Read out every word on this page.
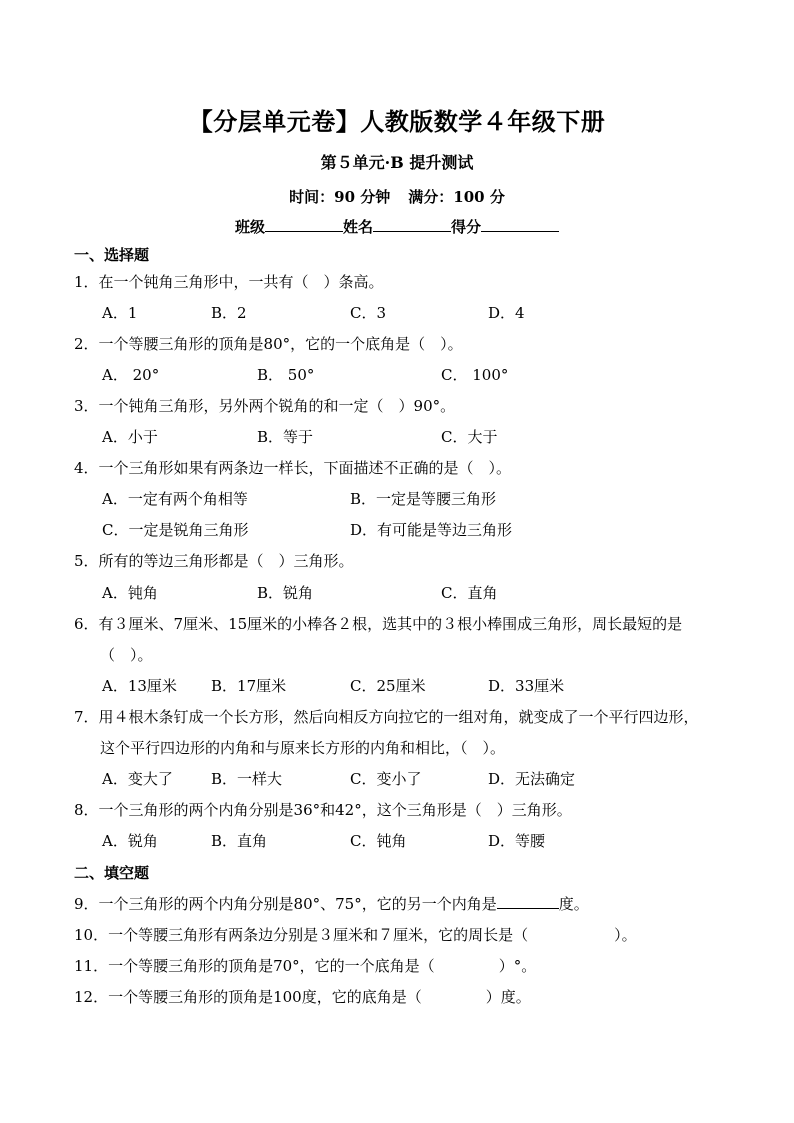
【分层单元卷】人教版数学４年级下册
第５单元·B 提升测试
时间：90 分钟 满分：100 分
班级	姓名	得分
一、选择题
1．在一个钝角三角形中，一共有（　）条高。
A．1	B．2	C．3	D．4
2．一个等腰三角形的顶角是80°，它的一个底角是（　）。
A． 20°	B． 50°	C． 100°
3．一个钝角三角形，另外两个锐角的和一定（　）90°。
A．小于	B．等于	C．大于
4．一个三角形如果有两条边一样长，下面描述不正确的是（　）。
A．一定有两个角相等	B．一定是等腰三角形
C．一定是锐角三角形	D．有可能是等边三角形
5．所有的等边三角形都是（　）三角形。
A．钝角	B．锐角	C．直角
6．有３厘米、7厘米、15厘米的小棒各２根，选其中的３根小棒围成三角形，周长最短的是
（　）。
A．13厘米 B．17厘米	C．25厘米	D．33厘米
7．用４根木条钉成一个长方形，然后向相反方向拉它的一组对角，就变成了一个平行四边形，
这个平行四边形的内角和与原来长方形的内角和相比，（　）。
A．变大了	B．一样大	C．变小了	D．无法确定
8．一个三角形的两个内角分别是36°和42°，这个三角形是（　）三角形。
A．锐角	B．直角	C．钝角	D．等腰
二、填空题
9．一个三角形的两个内角分别是80°、75°，它的另一个内角是	度。
10．一个等腰三角形有两条边分别是３厘米和７厘米，它的周长是（	）。
11．一个等腰三角形的顶角是70°，它的一个底角是（	）°。
12．一个等腰三角形的顶角是100度，它的底角是（	）度。
